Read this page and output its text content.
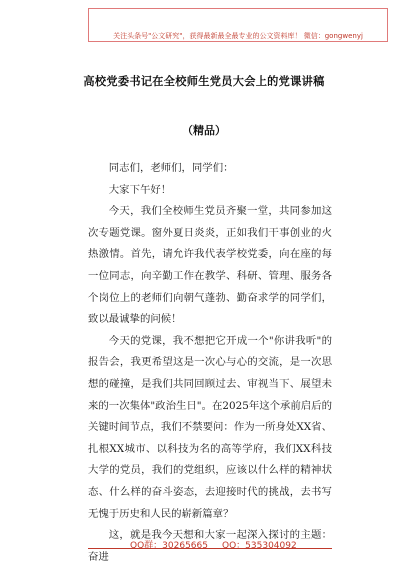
关注头条号"公文研究"，获得最新最全最专业的公文资料库！ 微信：gongwenyj
高校党委书记在全校师生党员大会上的党课讲稿
（精品）

同志们，老师们，同学们：

大家下午好！

今天，我们全校师生党员齐聚一堂，共同参加这次专题党课。窗外夏日炎炎，正如我们干事创业的火热激情。首先，请允许我代表学校党委，向在座的每一位同志，向辛勤工作在教学、科研、管理、服务各个岗位上的老师们向朝气蓬勃、勤奋求学的同学们，致以最诚挚的问候！

今天的党课，我不想把它开成一个"你讲我听"的报告会，我更希望这是一次心与心的交流，是一次思想的碰撞，是我们共同回顾过去、审视当下、展望未来的一次集体"政治生日"。在2025年这个承前启后的关键时间节点，我们不禁要问：作为一所身处XX省、扎根XX城市、以科技为名的高等学府，我们XX科技大学的党员，我们的党组织，应该以什么样的精神状态、什么样的奋斗姿态，去迎接时代的挑战，去书写无愧于历史和人民的崭新篇章？

这，就是我今天想和大家一起深入探讨的主题：奋进

QQ群：30265665 QQ：535304092
